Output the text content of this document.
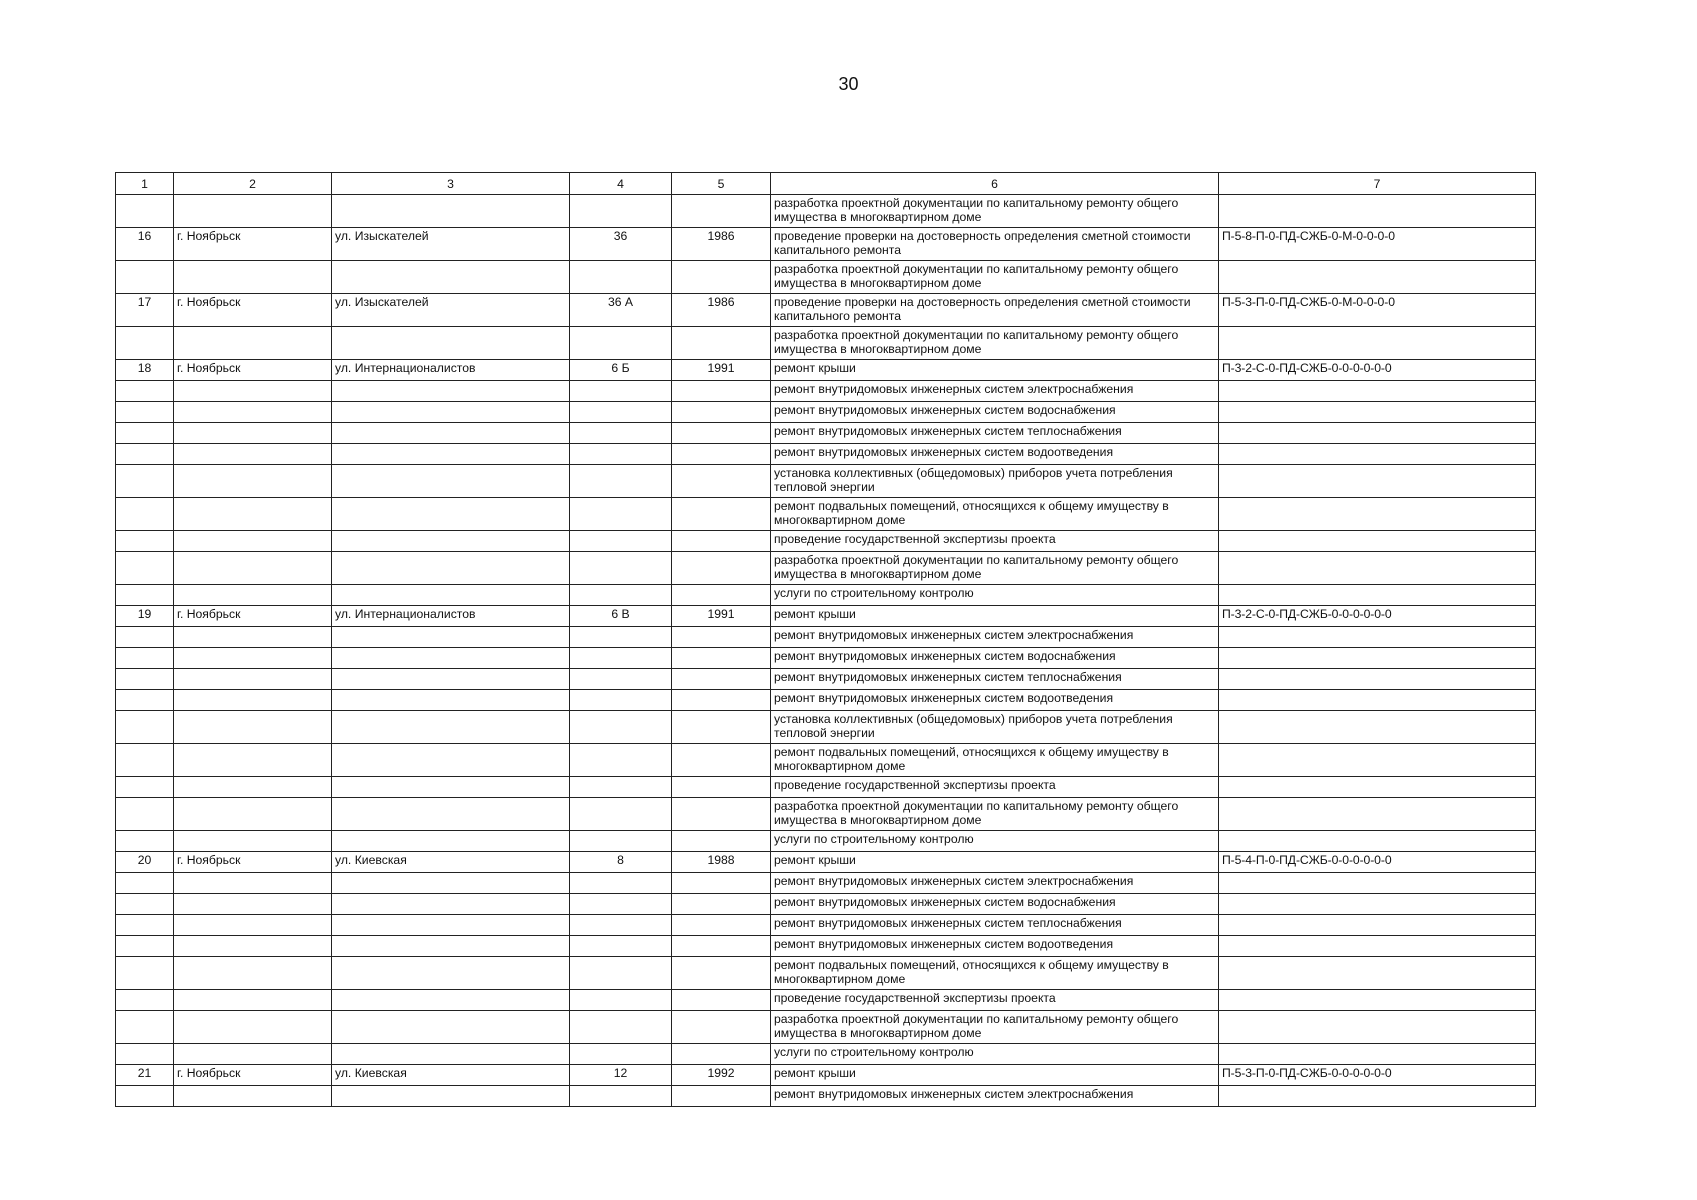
30
1	2	3	4	5	6	7
					разработка проектной документации по капитальному ремонту общего имущества в многоквартирном доме	
16	г. Ноябрьск	ул. Изыскателей	36	1986	проведение проверки на достоверность определения сметной стоимости капитального ремонта	П-5-8-П-0-ПД-СЖБ-0-М-0-0-0-0
					разработка проектной документации по капитальному ремонту общего имущества в многоквартирном доме	
17	г. Ноябрьск	ул. Изыскателей	36 А	1986	проведение проверки на достоверность определения сметной стоимости капитального ремонта	П-5-3-П-0-ПД-СЖБ-0-М-0-0-0-0
					разработка проектной документации по капитальному ремонту общего имущества в многоквартирном доме	
18	г. Ноябрьск	ул. Интернационалистов	6 Б	1991	ремонт крыши	П-3-2-С-0-ПД-СЖБ-0-0-0-0-0-0
					ремонт внутридомовых инженерных систем электроснабжения	
					ремонт внутридомовых инженерных систем водоснабжения	
					ремонт внутридомовых инженерных систем теплоснабжения	
					ремонт внутридомовых инженерных систем водоотведения	
					установка коллективных (общедомовых) приборов учета потребления тепловой энергии	
					ремонт подвальных помещений, относящихся к общему имуществу в многоквартирном доме	
					проведение государственной экспертизы проекта	
					разработка проектной документации по капитальному ремонту общего имущества в многоквартирном доме	
					услуги по строительному контролю	
19	г. Ноябрьск	ул. Интернационалистов	6 В	1991	ремонт крыши	П-3-2-С-0-ПД-СЖБ-0-0-0-0-0-0
					ремонт внутридомовых инженерных систем электроснабжения	
					ремонт внутридомовых инженерных систем водоснабжения	
					ремонт внутридомовых инженерных систем теплоснабжения	
					ремонт внутридомовых инженерных систем водоотведения	
					установка коллективных (общедомовых) приборов учета потребления тепловой энергии	
					ремонт подвальных помещений, относящихся к общему имуществу в многоквартирном доме	
					проведение государственной экспертизы проекта	
					разработка проектной документации по капитальному ремонту общего имущества в многоквартирном доме	
					услуги по строительному контролю	
20	г. Ноябрьск	ул. Киевская	8	1988	ремонт крыши	П-5-4-П-0-ПД-СЖБ-0-0-0-0-0-0
					ремонт внутридомовых инженерных систем электроснабжения	
					ремонт внутридомовых инженерных систем водоснабжения	
					ремонт внутридомовых инженерных систем теплоснабжения	
					ремонт внутридомовых инженерных систем водоотведения	
					ремонт подвальных помещений, относящихся к общему имуществу в многоквартирном доме	
					проведение государственной экспертизы проекта	
					разработка проектной документации по капитальному ремонту общего имущества в многоквартирном доме	
					услуги по строительному контролю	
21	г. Ноябрьск	ул. Киевская	12	1992	ремонт крыши	П-5-3-П-0-ПД-СЖБ-0-0-0-0-0-0
					ремонт внутридомовых инженерных систем электроснабжения	
